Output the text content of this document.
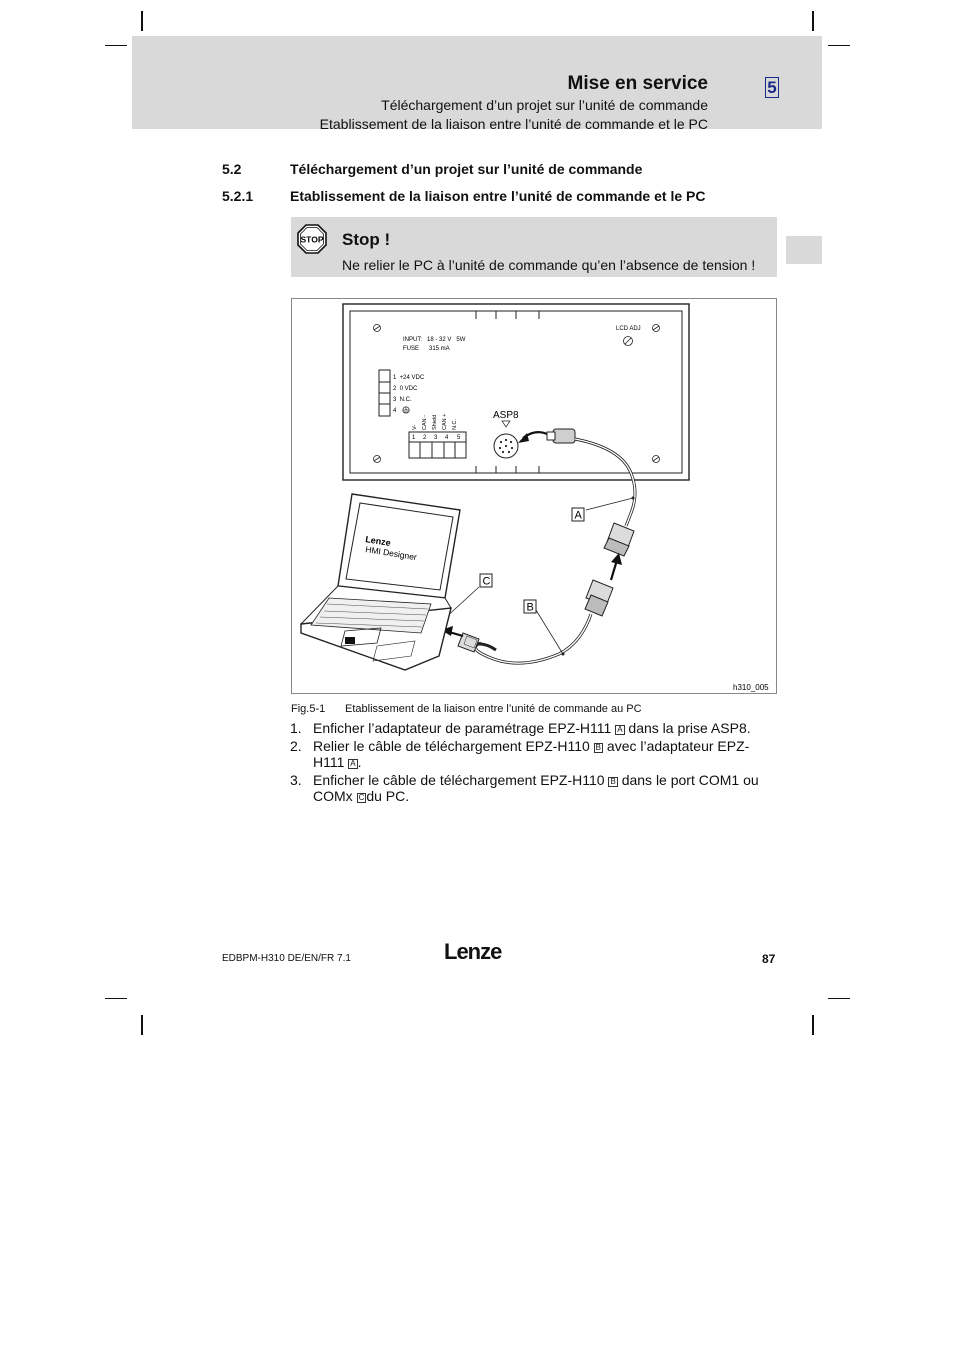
Mise en service
Téléchargement d’un projet sur l’unité de commande
Etablissement de la liaison entre l’unité de commande et le PC
5
5.2	Téléchargement d’un projet sur l’unité de commande
5.2.1	Etablissement de la liaison entre l’unité de commande et le PC
STOP Stop !
Ne relier le PC à l’unité de commande qu’en l’absence de tension !
INPUT:   18 - 32 V   5W
FUSE      315 mA
LCD ADJ
1  +24 VDC
2  0 VDC
3  N.C.
4
V- CAN - Shield CAN + N.C.
1 2 3 4 5
ASP8
A
B
C
Lenze
HMI Designer
h310_005
Fig.5-1 Etablissement de la liaison entre l’unité de commande au PC
1. Enficher l’adaptateur de paramétrage EPZ-H111 A dans la prise ASP8.
2. Relier le câble de téléchargement EPZ-H110 B avec l’adaptateur EPZ-H111 A .
3. Enficher le câble de téléchargement EPZ-H110 B dans le port COM1 ou COMx C du PC.
EDBPM-H310 DE/EN/FR 7.1	Lenze	87
